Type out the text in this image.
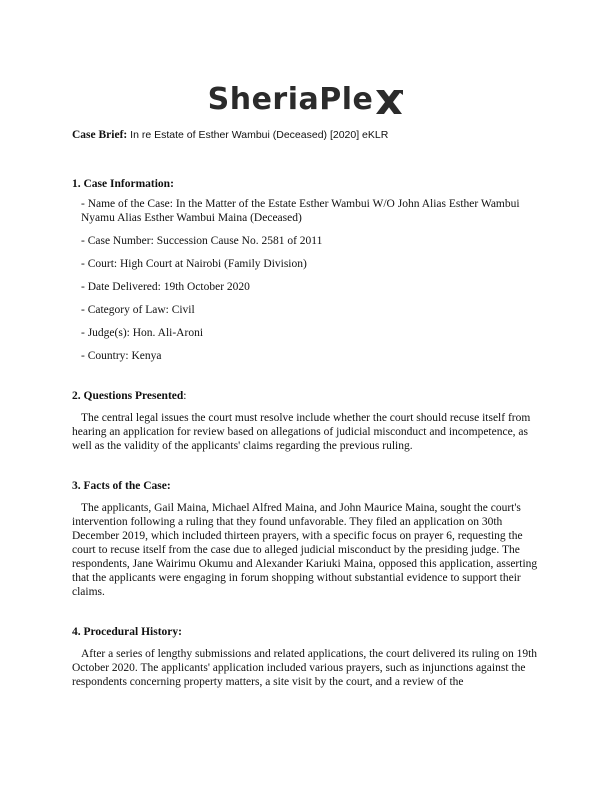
SheriaPle
Case Brief: In re Estate of Esther Wambui (Deceased) [2020] eKLR

1. Case Information:

- Name of the Case: In the Matter of the Estate Esther Wambui W/O John Alias Esther Wambui Nyamu Alias Esther Wambui Maina (Deceased)

- Case Number: Succession Cause No. 2581 of 2011

- Court: High Court at Nairobi (Family Division)

- Date Delivered: 19th October 2020

- Category of Law: Civil

- Judge(s): Hon. Ali-Aroni

- Country: Kenya

2. Questions Presented:

The central legal issues the court must resolve include whether the court should recuse itself from hearing an application for review based on allegations of judicial misconduct and incompetence, as well as the validity of the applicants' claims regarding the previous ruling.

3. Facts of the Case:

The applicants, Gail Maina, Michael Alfred Maina, and John Maurice Maina, sought the court's intervention following a ruling that they found unfavorable. They filed an application on 30th December 2019, which included thirteen prayers, with a specific focus on prayer 6, requesting the court to recuse itself from the case due to alleged judicial misconduct by the presiding judge. The respondents, Jane Wairimu Okumu and Alexander Kariuki Maina, opposed this application, asserting that the applicants were engaging in forum shopping without substantial evidence to support their claims.

4. Procedural History:

After a series of lengthy submissions and related applications, the court delivered its ruling on 19th October 2020. The applicants' application included various prayers, such as injunctions against the respondents concerning property matters, a site visit by the court, and a review of the
